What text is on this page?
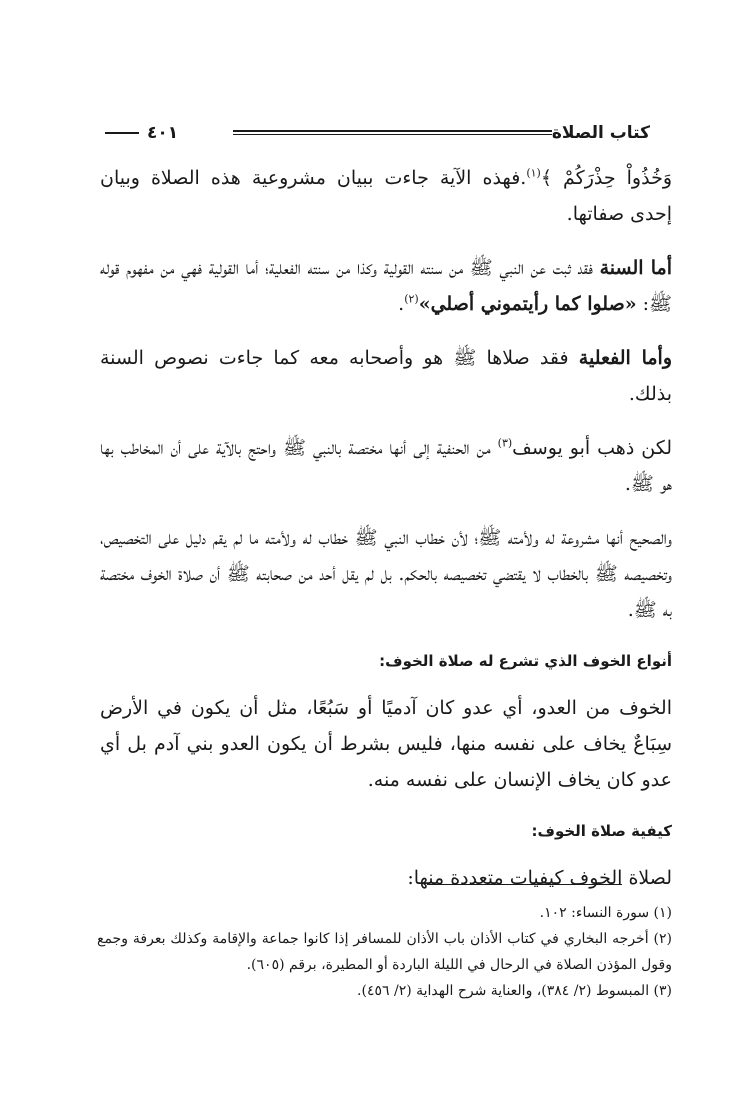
كتاب الصلاة
٤٠١

وَخُذُواْ حِذْرَكُمْ ﴾$^{(١)}$.فهذه الآية جاءت ببيان مشروعية هذه الصلاة وبيان إحدى صفاتها.

أما السنة فقد ثبت عن النبي ﷺ من سنته القولية وكذا من سنته الفعلية؛ أما القولية فهي من مفهوم قوله ﷺ: «صلوا كما رأيتموني أصلي»$^{(٢)}$.

وأما الفعلية فقد صلاها ﷺ هو وأصحابه معه كما جاءت نصوص السنة بذلك.

لكن ذهب أبو يوسف$^{(٣)}$ من الحنفية إلى أنها مختصة بالنبي ﷺ واحتج بالآية على أن المخاطب بها هو ﷺ.

والصحيح أنها مشروعة له ولأمته ﷺ؛ لأن خطاب النبي ﷺ خطاب له ولأمته ما لم يقم دليل على التخصيص، وتخصيصه ﷺ بالخطاب لا يقتضي تخصيصه بالحكم. بل لم يقل أحد من صحابته ﷺ أن صلاة الخوف مختصة به ﷺ.

أنواع الخوف الذي تشرع له صلاة الخوف:

الخوف من العدو، أي عدو كان آدميًا أو سَبُعًا، مثل أن يكون في الأرض سِبَاعٌ يخاف على نفسه منها، فليس بشرط أن يكون العدو بني آدم بل أي عدو كان يخاف الإنسان على نفسه منه.

كيفية صلاة الخوف:

لصلاة الخوف كيفيات متعددة منها:

(١) سورة النساء: ١٠٢.

(٢) أخرجه البخاري في كتاب الأذان باب الأذان للمسافر إذا كانوا جماعة والإقامة وكذلك بعرفة وجمع وقول المؤذن الصلاة في الرحال في الليلة الباردة أو المطيرة، برقم (٦٠٥).

(٣) المبسوط (٢/ ٣٨٤)، والعناية شرح الهداية (٢/ ٤٥٦).
